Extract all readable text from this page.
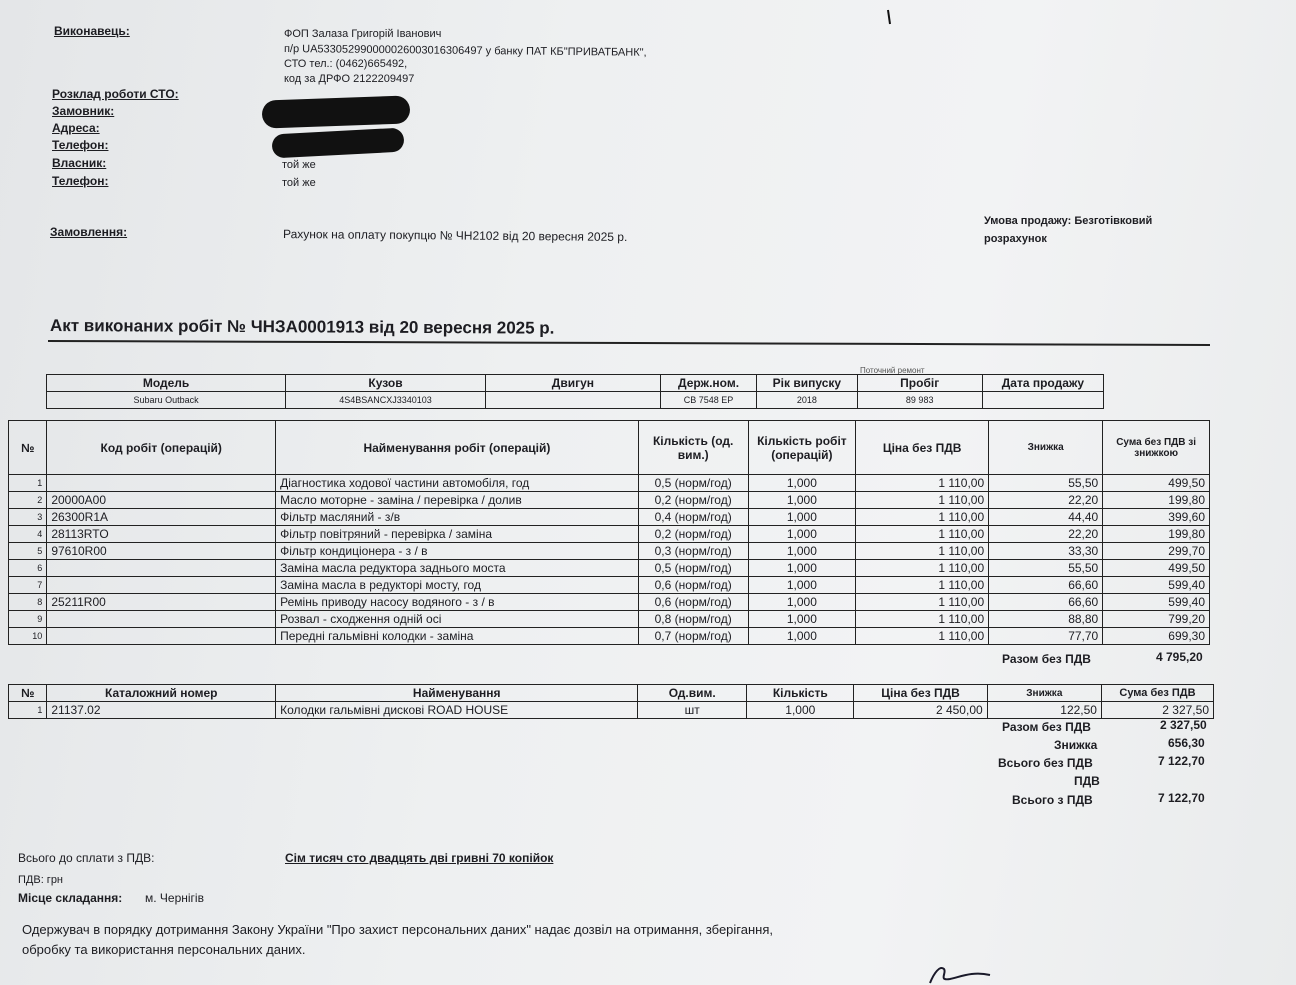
Виконавець:	ФОП Залаза Григорій Іванович
п/р UA533052990000026003016306497 у банку ПАТ КБ"ПРИВАТБАНК",
СТО тел.: (0462)665492,
код за ДРФО 2122209497
Розклад роботи СТО:
Замовник:
Адреса:
Телефон:
Власник:	той же
Телефон:	той же
Замовлення:	Рахунок на оплату покупцю № ЧН2102 від 20 вересня 2025 р.
Умова продажу: Безготівковий
розрахунок
Акт виконаних робіт № ЧНЗА0001913 від 20 вересня 2025 р.
Поточний ремонт
Модель	Кузов	Двигун	Держ.ном.	Рік випуску	Пробіг	Дата продажу
Subaru Outback	4S4BSANCXJ3340103		СВ 7548 ЕР	2018	89 983	
№	Код робіт (операцій)	Найменування робіт (операцій)	Кількість (од. вим.)	Кількість робіт (операцій)	Ціна без ПДВ	Знижка	Сума без ПДВ зі знижкою
1		Діагностика ходової частини автомобіля, год	0,5 (норм/год)	1,000	1 110,00	55,50	499,50
2	20000A00	Масло моторне - заміна / перевірка / долив	0,2 (норм/год)	1,000	1 110,00	22,20	199,80
3	26300R1A	Фільтр масляний - з/в	0,4 (норм/год)	1,000	1 110,00	44,40	399,60
4	28113RTO	Фільтр повітряний - перевірка / заміна	0,2 (норм/год)	1,000	1 110,00	22,20	199,80
5	97610R00	Фільтр кондиціонера - з / в	0,3 (норм/год)	1,000	1 110,00	33,30	299,70
6		Заміна масла редуктора заднього моста	0,5 (норм/год)	1,000	1 110,00	55,50	499,50
7		Заміна масла в редукторі мосту, год	0,6 (норм/год)	1,000	1 110,00	66,60	599,40
8	25211R00	Ремінь приводу насосу водяного - з / в	0,6 (норм/год)	1,000	1 110,00	66,60	599,40
9		Розвал - сходження одній осі	0,8 (норм/год)	1,000	1 110,00	88,80	799,20
10		Передні гальмівні колодки - заміна	0,7 (норм/год)	1,000	1 110,00	77,70	699,30
Разом без ПДВ	4 795,20
№	Каталожний номер	Найменування	Од.вим.	Кількість	Ціна без ПДВ	Знижка	Сума без ПДВ
1	21137.02	Колодки гальмівні дискові ROAD HOUSE	шт	1,000	2 450,00	122,50	2 327,50
Разом без ПДВ	2 327,50
Знижка	656,30
Всього без ПДВ	7 122,70
ПДВ
Всього з ПДВ	7 122,70
Всього до сплати з ПДВ:	Сім тисяч сто двадцять дві гривні 70 копійок
ПДВ: грн
Місце складання: м. Чернігів
Одержувач в порядку дотримання Закону України "Про захист персональних даних" надає дозвіл на отримання, зберігання,
обробку та використання персональних даних.
